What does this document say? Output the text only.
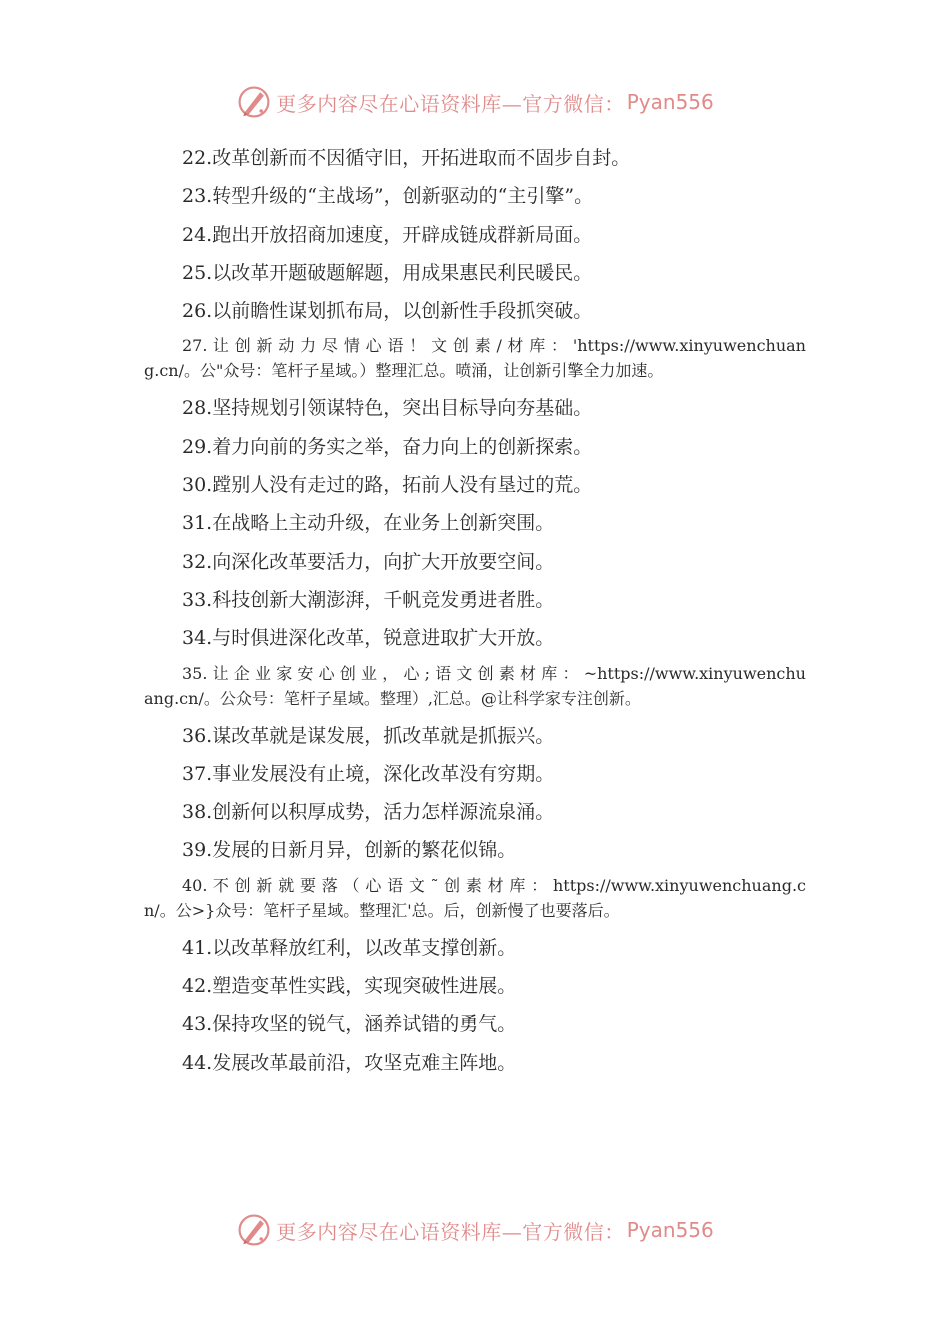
更多内容尽在心语资料库—官方微信： Pyan556
22.改革创新而不因循守旧，开拓进取而不固步自封。
23.转型升级的“主战场”，创新驱动的“主引擎”。
24.跑出开放招商加速度，开辟成链成群新局面。
25.以改革开题破题解题，用成果惠民利民暖民。
26.以前瞻性谋划抓布局，以创新性手段抓突破。
27. 让 创 新 动 力 尽 情 心 语 ！ 文 创 素 / 材 库 ： 'https://www.xinyuwenchuang.cn/。公"众号：笔杆子星域。）整理汇总。喷涌，让创新引擎全力加速。
28.坚持规划引领谋特色，突出目标导向夯基础。
29.着力向前的务实之举，奋力向上的创新探索。
30.蹚别人没有走过的路，拓前人没有垦过的荒。
31.在战略上主动升级，在业务上创新突围。
32.向深化改革要活力，向扩大开放要空间。
33.科技创新大潮澎湃，千帆竞发勇进者胜。
34.与时俱进深化改革，锐意进取扩大开放。
35. 让 企 业 家 安 心 创 业 ， 心 ; 语 文 创 素 材 库 ： ~https://www.xinyuwenchuang.cn/。公众号：笔杆子星域。整理）,汇总。@让科学家专注创新。
36.谋改革就是谋发展，抓改革就是抓振兴。
37.事业发展没有止境，深化改革没有穷期。
38.创新何以积厚成势，活力怎样源流泉涌。
39.发展的日新月异，创新的繁花似锦。
40. 不 创 新 就 要 落 （ 心 语 文 ˜ 创 素 材 库 ： https://www.xinyuwenchuang.cn/。公>}众号：笔杆子星域。整理汇'总。后，创新慢了也要落后。
41.以改革释放红利，以改革支撑创新。
42.塑造变革性实践，实现突破性进展。
43.保持攻坚的锐气，涵养试错的勇气。
44.发展改革最前沿，攻坚克难主阵地。
更多内容尽在心语资料库—官方微信： Pyan556
